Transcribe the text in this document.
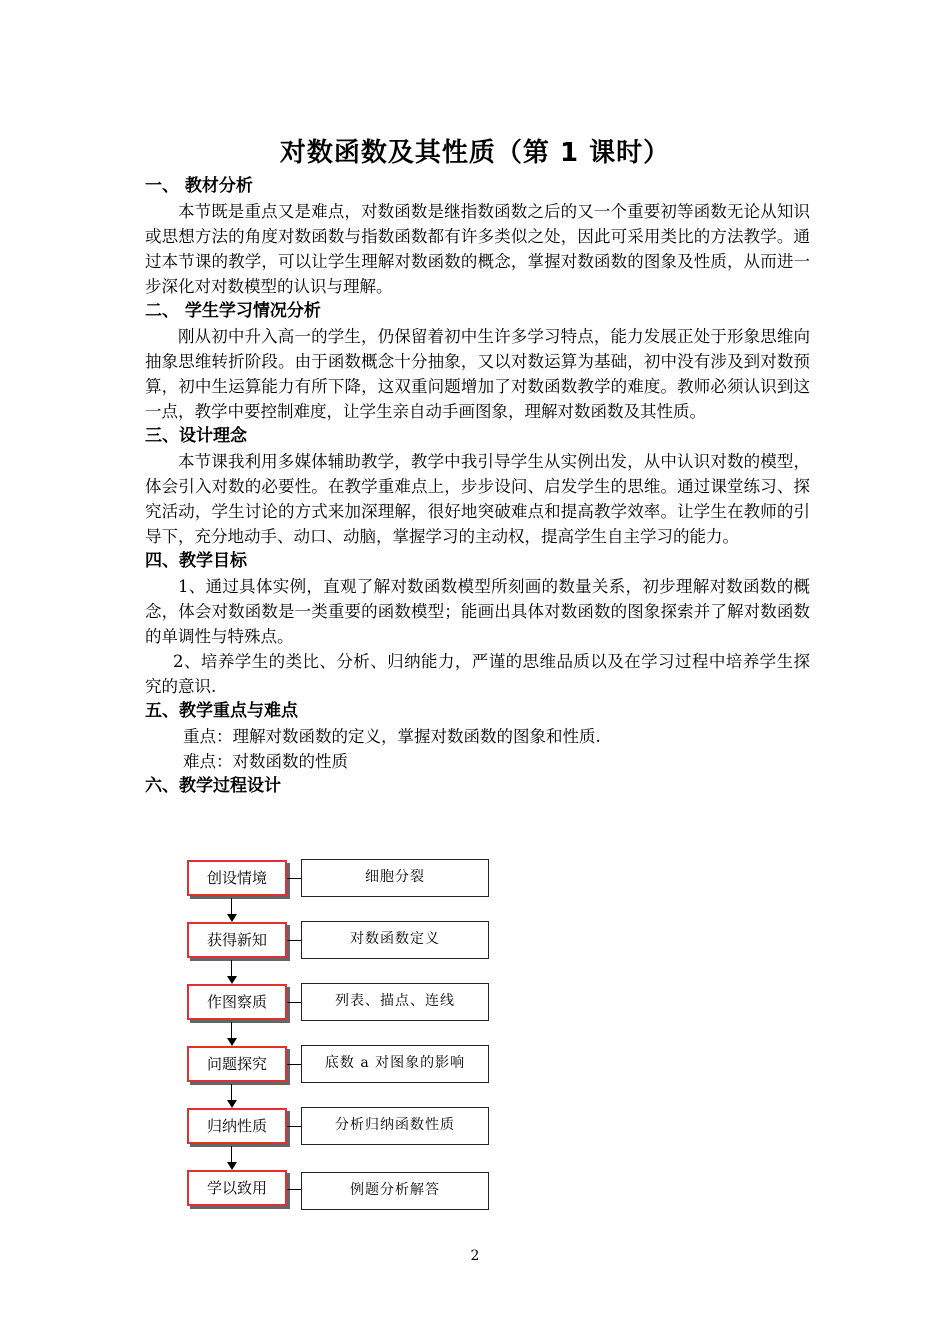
对数函数及其性质（第 1 课时）
一、 教材分析
本节既是重点又是难点，对数函数是继指数函数之后的又一个重要初等函数无论从知识或思想方法的角度对数函数与指数函数都有许多类似之处，因此可采用类比的方法教学。通过本节课的教学，可以让学生理解对数函数的概念，掌握对数函数的图象及性质，从而进一步深化对对数模型的认识与理解。
二、 学生学习情况分析
刚从初中升入高一的学生，仍保留着初中生许多学习特点，能力发展正处于形象思维向抽象思维转折阶段。由于函数概念十分抽象，又以对数运算为基础，初中没有涉及到对数预算，初中生运算能力有所下降，这双重问题增加了对数函数教学的难度。教师必须认识到这一点，教学中要控制难度，让学生亲自动手画图象，理解对数函数及其性质。
三、设计理念
本节课我利用多媒体辅助教学，教学中我引导学生从实例出发，从中认识对数的模型，体会引入对数的必要性。在教学重难点上，步步设问、启发学生的思维。通过课堂练习、探究活动，学生讨论的方式来加深理解，很好地突破难点和提高教学效率。让学生在教师的引导下，充分地动手、动口、动脑，掌握学习的主动权，提高学生自主学习的能力。
四、教学目标
1、通过具体实例，直观了解对数函数模型所刻画的数量关系，初步理解对数函数的概念，体会对数函数是一类重要的函数模型；能画出具体对数函数的图象探索并了解对数函数的单调性与特殊点。
2、培养学生的类比、分析、归纳能力，严谨的思维品质以及在学习过程中培养学生探究的意识.
五、教学重点与难点
重点：理解对数函数的定义，掌握对数函数的图象和性质.
难点：对数函数的性质
六、教学过程设计
创设情境	细胞分裂
获得新知	对数函数定义
作图察质	列表、描点、连线
问题探究	底数 a 对图象的影响
归纳性质	分析归纳函数性质
学以致用	例题分析解答
2
